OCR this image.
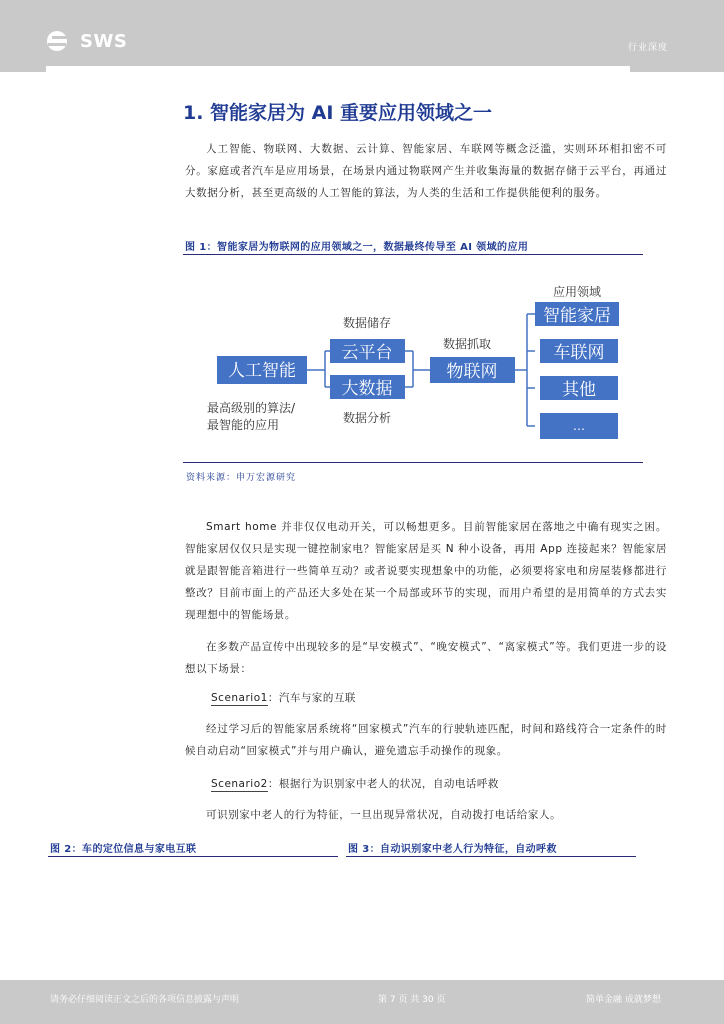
SWS	行业深度
1. 智能家居为 AI 重要应用领域之一
人工智能、物联网、大数据、云计算、智能家居、车联网等概念泛滥，实则环环相扣密不可分。家庭或者汽车是应用场景，在场景内通过物联网产生并收集海量的数据存储于云平台，再通过大数据分析，甚至更高级的人工智能的算法，为人类的生活和工作提供能便利的服务。
图 1：智能家居为物联网的应用领域之一，数据最终传导至 AI 领域的应用
人工智能
最高级别的算法/
最智能的应用
数据储存
云平台
大数据
数据分析
数据抓取
物联网
应用领域
智能家居
车联网
其他
…
资料来源：申万宏源研究
Smart home 并非仅仅电动开关，可以畅想更多。目前智能家居在落地之中确有现实之困。智能家居仅仅只是实现一键控制家电？智能家居是买 N 种小设备，再用 App 连接起来？智能家居就是跟智能音箱进行一些简单互动？或者说要实现想象中的功能，必须要将家电和房屋装修都进行整改？目前市面上的产品还大多处在某一个局部或环节的实现，而用户希望的是用简单的方式去实现理想中的智能场景。
在多数产品宣传中出现较多的是“早安模式”、“晚安模式”、“离家模式”等。我们更进一步的设想以下场景：
Scenario1：汽车与家的互联
经过学习后的智能家居系统将“回家模式”汽车的行驶轨迹匹配，时间和路线符合一定条件的时候自动启动“回家模式”并与用户确认，避免遗忘手动操作的现象。
Scenario2：根据行为识别家中老人的状况，自动电话呼救
可识别家中老人的行为特征，一旦出现异常状况，自动拨打电话给家人。
图 2：车的定位信息与家电互联	图 3：自动识别家中老人行为特征，自动呼救
请务必仔细阅读正文之后的各项信息披露与声明	第 7 页 共 30 页	简单金融 成就梦想
